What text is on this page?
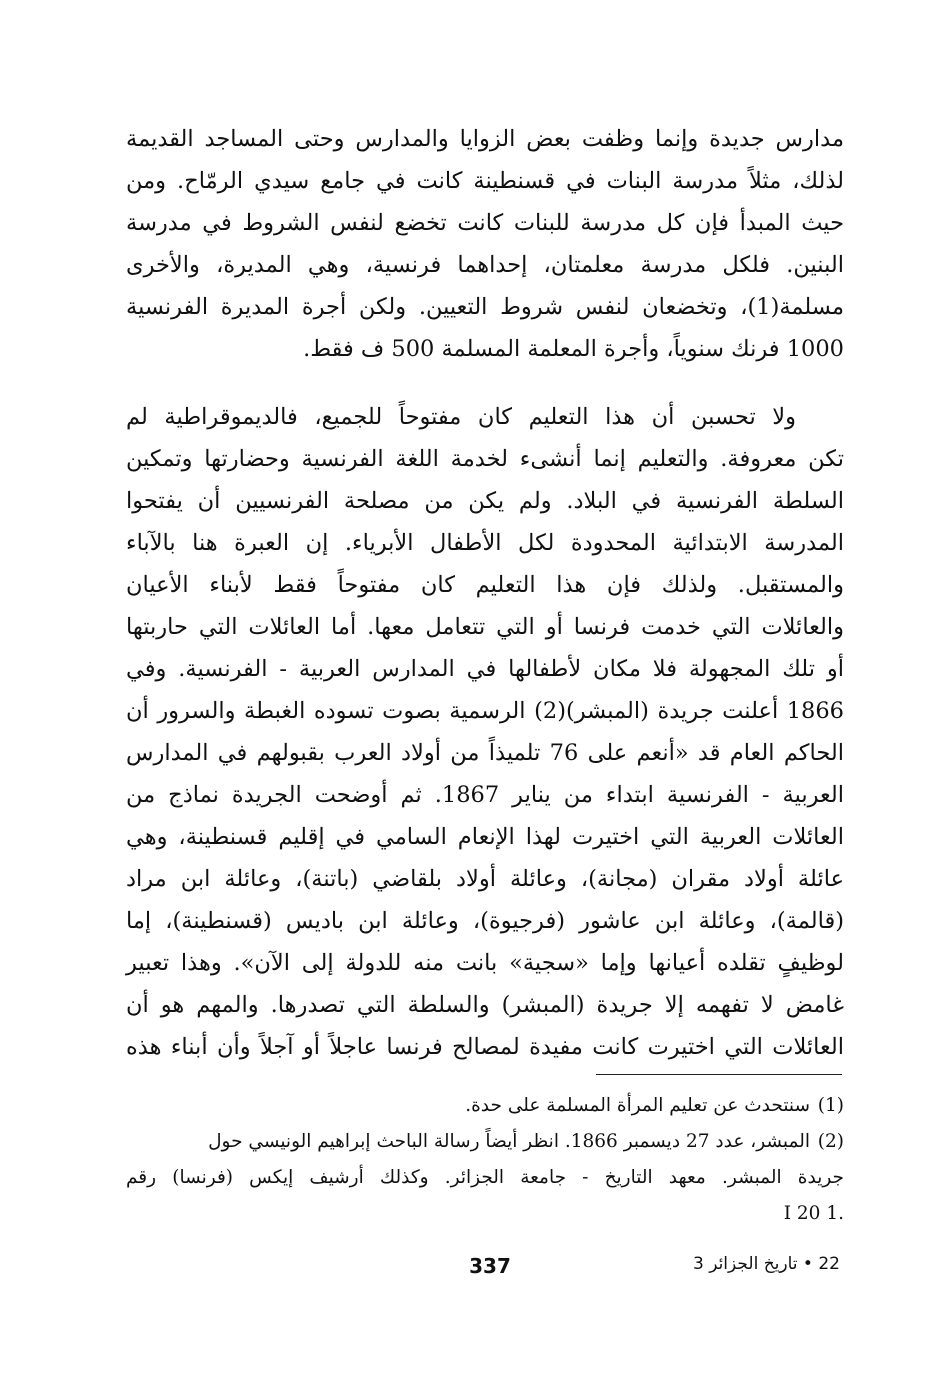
مدارس جديدة وإنما وظفت بعض الزوايا والمدارس وحتى المساجد القديمة
لذلك، مثلاً مدرسة البنات في قسنطينة كانت في جامع سيدي الرمّاح. ومن
حيث المبدأ فإن كل مدرسة للبنات كانت تخضع لنفس الشروط في مدرسة
البنين. فلكل مدرسة معلمتان، إحداهما فرنسية، وهي المديرة، والأخرى
مسلمة(1)، وتخضعان لنفس شروط التعيين. ولكن أجرة المديرة الفرنسية
1000 فرنك سنوياً، وأجرة المعلمة المسلمة 500 ف فقط.
ولا تحسبن أن هذا التعليم كان مفتوحاً للجميع، فالديموقراطية لم
تكن معروفة. والتعليم إنما أنشىء لخدمة اللغة الفرنسية وحضارتها وتمكين
السلطة الفرنسية في البلاد. ولم يكن من مصلحة الفرنسيين أن يفتحوا
المدرسة الابتدائية المحدودة لكل الأطفال الأبرياء. إن العبرة هنا بالآباء
والمستقبل. ولذلك فإن هذا التعليم كان مفتوحاً فقط لأبناء الأعيان
والعائلات التي خدمت فرنسا أو التي تتعامل معها. أما العائلات التي حاربتها
أو تلك المجهولة فلا مكان لأطفالها في المدارس العربية - الفرنسية. وفي
1866 أعلنت جريدة (المبشر)(2) الرسمية بصوت تسوده الغبطة والسرور أن
الحاكم العام قد «أنعم على 76 تلميذاً من أولاد العرب بقبولهم في المدارس
العربية - الفرنسية ابتداء من يناير 1867. ثم أوضحت الجريدة نماذج من
العائلات العربية التي اختيرت لهذا الإنعام السامي في إقليم قسنطينة، وهي
عائلة أولاد مقران (مجانة)، وعائلة أولاد بلقاضي (باتنة)، وعائلة ابن مراد
(قالمة)، وعائلة ابن عاشور (فرجيوة)، وعائلة ابن باديس (قسنطينة)، إما
لوظيفٍ تقلده أعيانها وإما «سجية» بانت منه للدولة إلى الآن». وهذا تعبير
غامض لا تفهمه إلا جريدة (المبشر) والسلطة التي تصدرها. والمهم هو أن
العائلات التي اختيرت كانت مفيدة لمصالح فرنسا عاجلاً أو آجلاً وأن أبناء هذه
(1)سنتحدث عن تعليم المرأة المسلمة على حدة.
(2)المبشر، عدد 27 ديسمبر 1866. انظر أيضاً رسالة الباحث إبراهيم الونيسي حول
جريدة المبشر. معهد التاريخ - جامعة الجزائر. وكذلك أرشيف إيكس (فرنسا) رقم
.1 I 20
337	22 • تاريخ الجزائر 3
